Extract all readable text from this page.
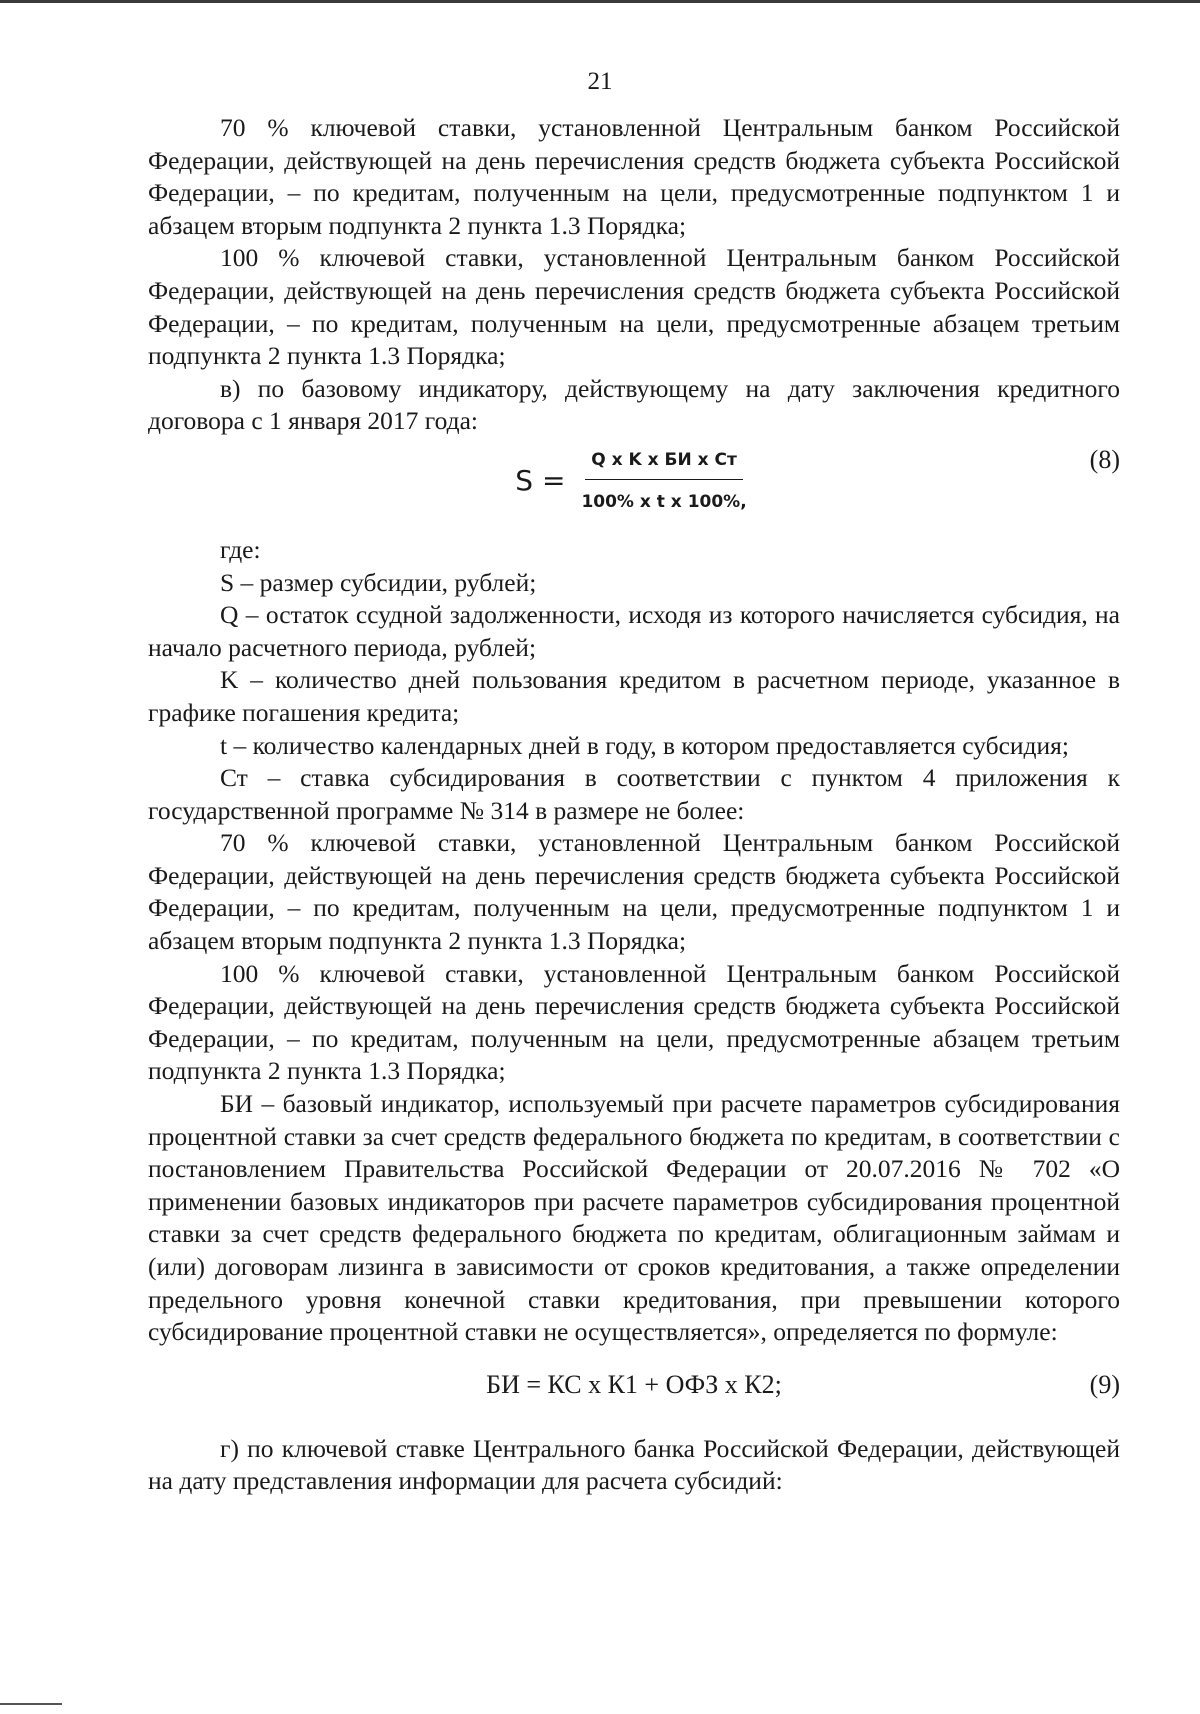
21

70 % ключевой ставки, установленной Центральным банком Российской Федерации, действующей на день перечисления средств бюджета субъекта Российской Федерации, – по кредитам, полученным на цели, предусмотренные подпунктом 1 и абзацем вторым подпункта 2 пункта 1.3 Порядка;

100 % ключевой ставки, установленной Центральным банком Российской Федерации, действующей на день перечисления средств бюджета субъекта Российской Федерации, – по кредитам, полученным на цели, предусмотренные абзацем третьим подпункта 2 пункта 1.3 Порядка;

в) по базовому индикатору, действующему на дату заключения кредитного договора с 1 января 2017 года:

$S = \frac{\text{Q x K x БИ x Ст}}{\text{100\% x t x 100\%,}}$	(8)

где:

S – размер субсидии, рублей;

Q – остаток ссудной задолженности, исходя из которого начисляется субсидия, на начало расчетного периода, рублей;

K – количество дней пользования кредитом в расчетном периоде, указанное в графике погашения кредита;

t – количество календарных дней в году, в котором предоставляется субсидия;

Ст – ставка субсидирования в соответствии с пунктом 4 приложения к государственной программе № 314 в размере не более:

70 % ключевой ставки, установленной Центральным банком Российской Федерации, действующей на день перечисления средств бюджета субъекта Российской Федерации, – по кредитам, полученным на цели, предусмотренные подпунктом 1 и абзацем вторым подпункта 2 пункта 1.3 Порядка;

100 % ключевой ставки, установленной Центральным банком Российской Федерации, действующей на день перечисления средств бюджета субъекта Российской Федерации, – по кредитам, полученным на цели, предусмотренные абзацем третьим подпункта 2 пункта 1.3 Порядка;

БИ – базовый индикатор, используемый при расчете параметров субсидирования процентной ставки за счет средств федерального бюджета по кредитам, в соответствии с постановлением Правительства Российской Федерации от 20.07.2016 № 702 «О применении базовых индикаторов при расчете параметров субсидирования процентной ставки за счет средств федерального бюджета по кредитам, облигационным займам и (или) договорам лизинга в зависимости от сроков кредитования, а также определении предельного уровня конечной ставки кредитования, при превышении которого субсидирование процентной ставки не осуществляется», определяется по формуле:

БИ = КС x К1 + ОФЗ x К2;	(9)

г) по ключевой ставке Центрального банка Российской Федерации, действующей на дату представления информации для расчета субсидий:
